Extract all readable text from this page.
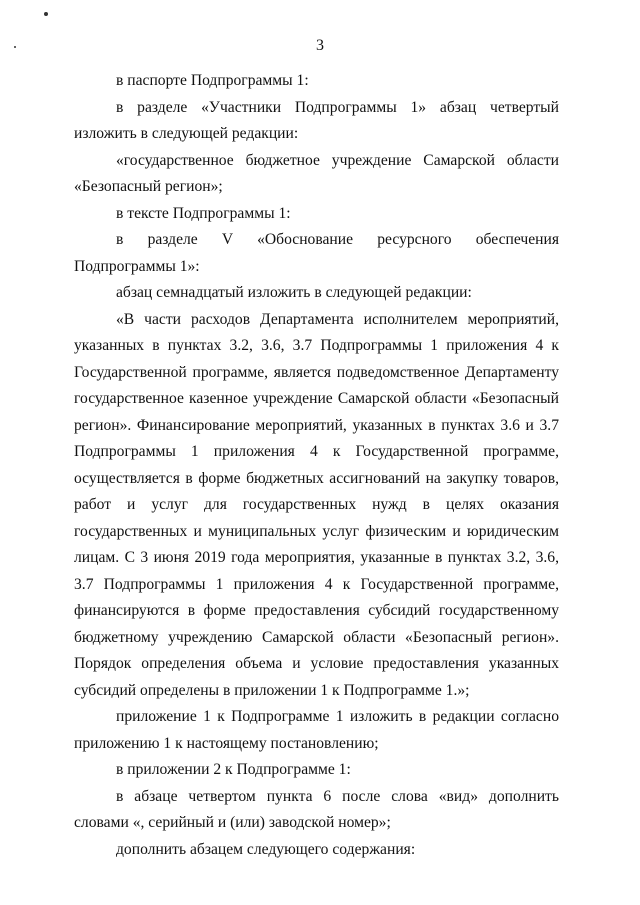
3

в паспорте Подпрограммы 1:

в разделе «Участники Подпрограммы 1» абзац четвертый изложить в следующей редакции:

«государственное бюджетное учреждение Самарской области «Безопасный регион»;

в тексте Подпрограммы 1:

в разделе V «Обоснование ресурсного обеспечения Подпрограммы 1»:

абзац семнадцатый изложить в следующей редакции:

«В части расходов Департамента исполнителем мероприятий, указанных в пунктах 3.2, 3.6, 3.7 Подпрограммы 1 приложения 4 к Государственной программе, является подведомственное Департаменту государственное казенное учреждение Самарской области «Безопасный регион». Финансирование мероприятий, указанных в пунктах 3.6 и 3.7 Подпрограммы 1 приложения 4 к Государственной программе, осуществляется в форме бюджетных ассигнований на закупку товаров, работ и услуг для государственных нужд в целях оказания государственных и муниципальных услуг физическим и юридическим лицам. С 3 июня 2019 года мероприятия, указанные в пунктах 3.2, 3.6, 3.7 Подпрограммы 1 приложения 4 к Государственной программе, финансируются в форме предоставления субсидий государственному бюджетному учреждению Самарской области «Безопасный регион». Порядок определения объема и условие предоставления указанных субсидий определены в приложении 1 к Подпрограмме 1.»;

приложение 1 к Подпрограмме 1 изложить в редакции согласно приложению 1 к настоящему постановлению;

в приложении 2 к Подпрограмме 1:

в абзаце четвертом пункта 6 после слова «вид» дополнить словами «, серийный и (или) заводской номер»;

дополнить абзацем следующего содержания:
